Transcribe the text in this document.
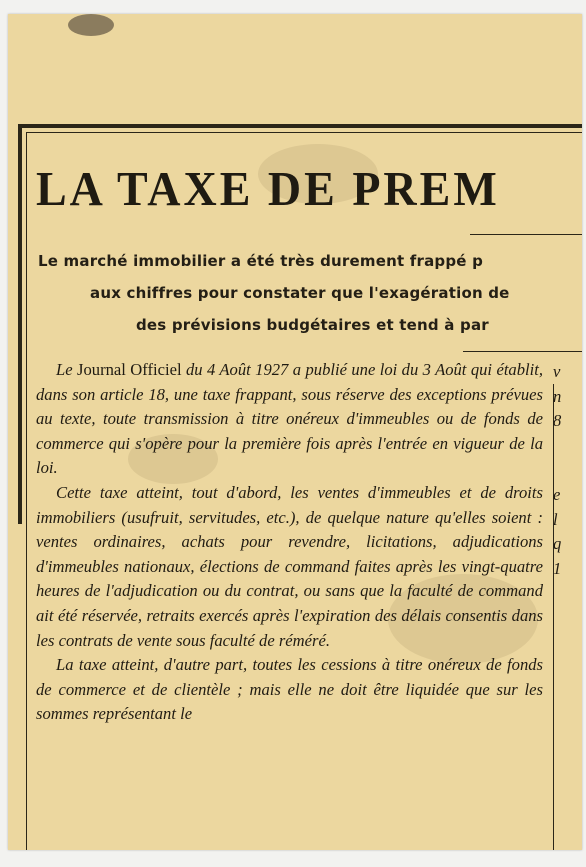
LA TAXE DE PREM
Le marché immobilier a été très durement frappé p
aux chiffres pour constater que l'exagération de
des prévisions budgétaires et tend à par

Le Journal Officiel du 4 Août 1927 a publié une loi du 3 Août qui établit, dans son article 18, une taxe frappant, sous réserve des exceptions prévues au texte, toute transmission à titre onéreux d'immeubles ou de fonds de commerce qui s'opère pour la première fois après l'entrée en vigueur de la loi.

Cette taxe atteint, tout d'abord, les ventes d'immeubles et de droits immobiliers (usufruit, servitudes, etc.), de quelque nature qu'elles soient : ventes ordinaires, achats pour revendre, licitations, adjudications d'immeubles nationaux, élections de command faites après les vingt-quatre heures de l'adjudication ou du contrat, ou sans que la faculté de command ait été réservée, retraits exercés après l'expiration des délais consentis dans les contrats de vente sous faculté de réméré.

La taxe atteint, d'autre part, toutes les cessions à titre onéreux de fonds de commerce et de clientèle ; mais elle ne doit être liquidée que sur les sommes représentant le

v
n
8
e
l
q
1
